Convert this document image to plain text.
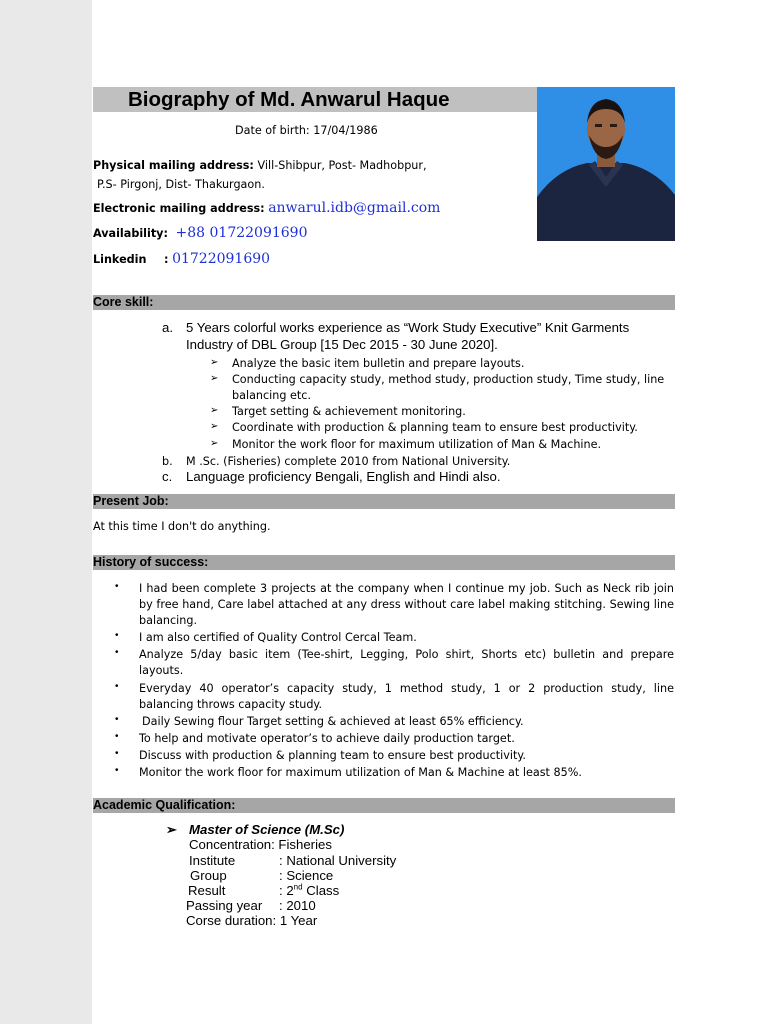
Biography of Md. Anwarul Haque
Date of birth: 17/04/1986
Physical mailing address: Vill-Shibpur, Post- Madhobpur,
P.S- Pirgonj, Dist- Thakurgaon.
Electronic mailing address: anwarul.idb@gmail.com
Availability: +88 01722091690
Linkedin : 01722091690
Core skill:
a. 5 Years colorful works experience as “Work Study Executive” Knit Garments
Industry of DBL Group [15 Dec 2015 - 30 June 2020].
➢ Analyze the basic item bulletin and prepare layouts.
➢ Conducting capacity study, method study, production study, Time study, line
balancing etc.
➢ Target setting & achievement monitoring.
➢ Coordinate with production & planning team to ensure best productivity.
➢ Monitor the work floor for maximum utilization of Man & Machine.
b. M .Sc. (Fisheries) complete 2010 from National University.
c. Language proficiency Bengali, English and Hindi also.
Present Job:
At this time I don't do anything.
History of success:
• I had been complete 3 projects at the company when I continue my job. Such as Neck rib join by free hand, Care label attached at any dress without care label making stitching. Sewing line balancing.
• I am also certified of Quality Control Cercal Team.
• Analyze 5/day basic item (Tee-shirt, Legging, Polo shirt, Shorts etc) bulletin and prepare layouts.
• Everyday 40 operator’s capacity study, 1 method study, 1 or 2 production study, line balancing throws capacity study.
• Daily Sewing flour Target setting & achieved at least 65% efficiency.
• To help and motivate operator’s to achieve daily production target.
• Discuss with production & planning team to ensure best productivity.
• Monitor the work floor for maximum utilization of Man & Machine at least 85%.
Academic Qualification:
➢ Master of Science (M.Sc)
Concentration: Fisheries
Institute	: National University
Group	: Science
Result	: 2nd Class
Passing year : 2010
Corse duration: 1 Year
